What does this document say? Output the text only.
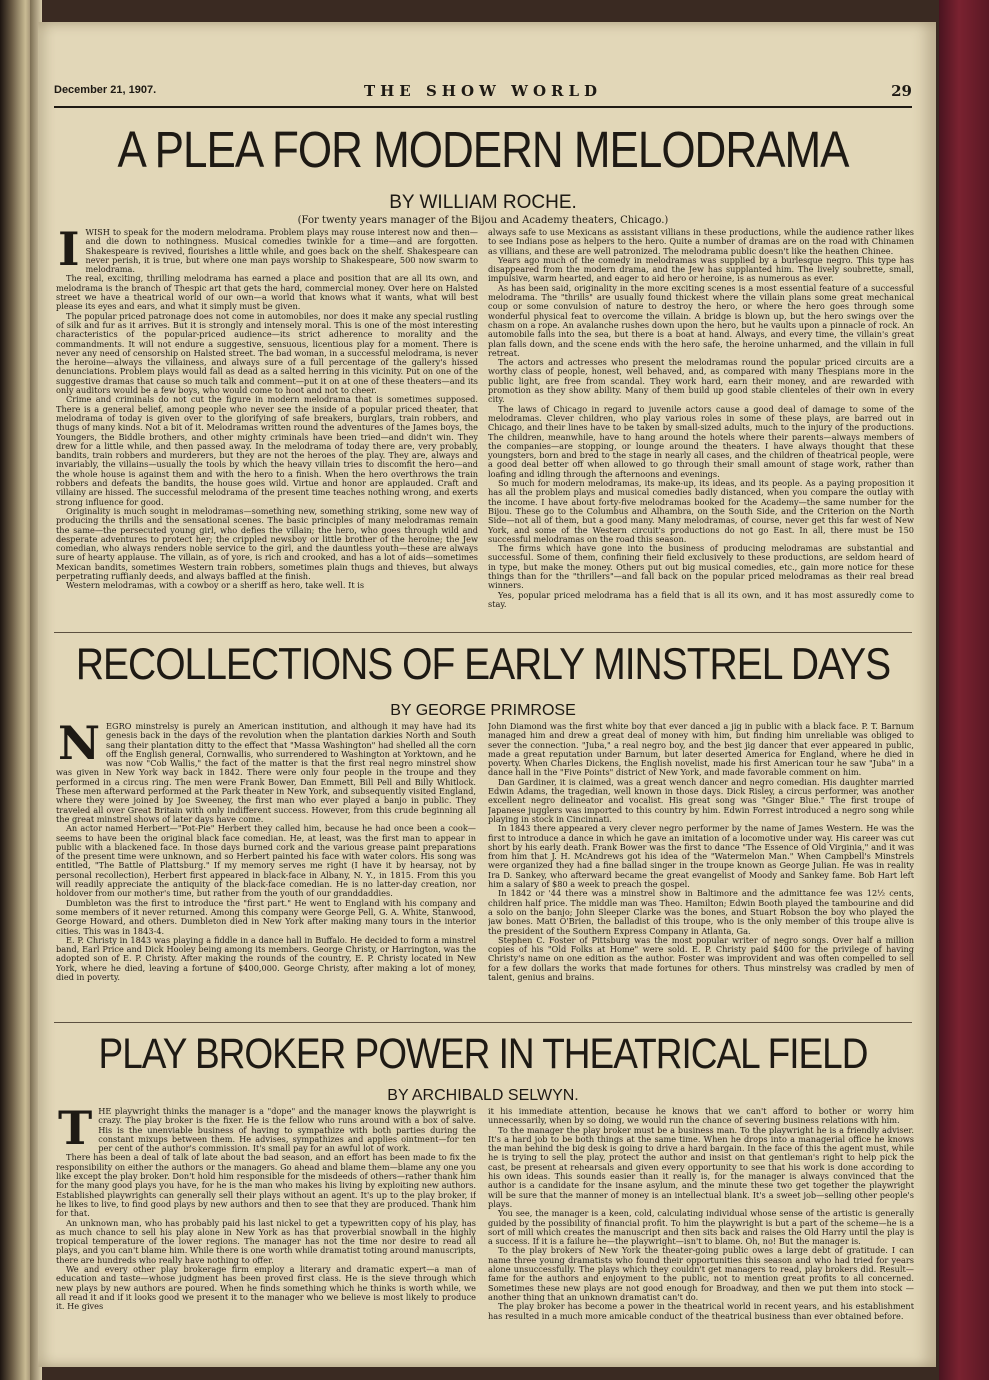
December 21, 1907.	THE SHOW WORLD	29
A PLEA FOR MODERN MELODRAMA
BY WILLIAM ROCHE.
(For twenty years manager of the Bijou and Academy theaters, Chicago.)
I WISH to speak for the modern melodrama. Problem plays may rouse interest now and then—and die down to nothingness. Musical comedies twinkle for a time—and are forgotten. Shakespeare is revived, flourishes a little while, and goes back on the shelf. Shakespeare can never perish, it is true, but where one man pays worship to Shakespeare, 500 now swarm to melodrama.

The real, exciting, thrilling melodrama has earned a place and position that are all its own, and melodrama is the branch of Thespic art that gets the hard, commercial money. Over here on Halsted street we have a theatrical world of our own—a world that knows what it wants, what will best please its eyes and ears, and what it simply must be given.

The popular priced patronage does not come in automobiles, nor does it make any special rustling of silk and fur as it arrives. But it is strongly and intensely moral. This is one of the most interesting characteristics of the popular-priced audience—its strict adherence to morality and the commandments. It will not endure a suggestive, sensuous, licentious play for a moment. There is never any need of censorship on Halsted street. The bad woman, in a successful melodrama, is never the heroine—always the villainess, and always sure of a full percentage of the gallery's hissed denunciations. Problem plays would fall as dead as a salted herring in this vicinity. Put on one of the suggestive dramas that cause so much talk and comment—put it on at one of these theaters—and its only auditors would be a few boys, who would come to hoot and not to cheer.

Crime and criminals do not cut the figure in modern melodrama that is sometimes supposed. There is a general belief, among people who never see the inside of a popular priced theater, that melodrama of today is given over to the glorifying of safe breakers, burglars, train robbers, and thugs of many kinds. Not a bit of it. Melodramas written round the adventures of the James boys, the Youngers, the Biddle brothers, and other mighty criminals have been tried—and didn't win. They drew for a little while, and then passed away. In the melodrama of today there are, very probably, bandits, train robbers and murderers, but they are not the heroes of the play. They are, always and invariably, the villains—usually the tools by which the heavy villain tries to discomfit the hero—and the whole house is against them and with the hero to a finish. When the hero overthrows the train robbers and defeats the bandits, the house goes wild. Virtue and honor are applauded. Craft and villainy are hissed. The successful melodrama of the present time teaches nothing wrong, and exerts strong influence for good.

Originality is much sought in melodramas—something new, something striking, some new way of producing the thrills and the sensational scenes. The basic principles of many melodramas remain the same—the persecuted young girl, who defies the villain; the hero, who goes through wild and desperate adventures to protect her; the crippled newsboy or little brother of the heroine; the Jew comedian, who always renders noble service to the girl, and the dauntless youth—these are always sure of hearty applause. The villain, as of yore, is rich and crooked, and has a lot of aids—sometimes Mexican bandits, sometimes Western train robbers, sometimes plain thugs and thieves, but always perpetrating ruffianly deeds, and always baffled at the finish.

Western melodramas, with a cowboy or a sheriff as hero, take well. It is

always safe to use Mexicans as assistant villians in these productions, while the audience rather likes to see Indians pose as helpers to the hero. Quite a number of dramas are on the road with Chinamen as villians, and these are well patronized. The melodrama public doesn't like the heathen Chinee.

Years ago much of the comedy in melodramas was supplied by a burlesque negro. This type has disappeared from the modern drama, and the Jew has supplanted him. The lively soubrette, small, impulsive, warm hearted, and eager to aid hero or heroine, is as numerous as ever.

As has been said, originality in the more exciting scenes is a most essential feature of a successful melodrama. The "thrills" are usually found thickest where the villain plans some great mechanical coup or some convulsion of nature to destroy the hero, or where the hero goes through some wonderful physical feat to overcome the villain. A bridge is blown up, but the hero swings over the chasm on a rope. An avalanche rushes down upon the hero, but he vaults upon a pinnacle of rock. An automobile falls into the sea, but there is a boat at hand. Always, and every time, the villain's great plan falls down, and the scene ends with the hero safe, the heroine unharmed, and the villain in full retreat.

The actors and actresses who present the melodramas round the popular priced circuits are a worthy class of people, honest, well behaved, and, as compared with many Thespians more in the public light, are free from scandal. They work hard, earn their money, and are rewarded with promotion as they show ability. Many of them build up good stable clienteles of their own in every city.

The laws of Chicago in regard to juvenile actors cause a good deal of damage to some of the melodramas. Clever children, who play various roles in some of these plays, are barred out in Chicago, and their lines have to be taken by small-sized adults, much to the injury of the productions. The children, meanwhile, have to hang around the hotels where their parents—always members of the companies—are stopping, or lounge around the theaters. I have always thought that these youngsters, born and bred to the stage in nearly all cases, and the children of theatrical people, were a good deal better off when allowed to go through their small amount of stage work, rather than loafing and idling through the afternoons and evenings.

So much for modern melodramas, its make-up, its ideas, and its people. As a paying proposition it has all the problem plays and musical comedies badly distanced, when you compare the outlay with the income. I have about forty-five melodramas booked for the Academy—the same number for the Bijou. These go to the Columbus and Alhambra, on the South Side, and the Criterion on the North Side—not all of them, but a good many. Many melodramas, of course, never get this far west of New York, and some of the Western circuit's productions do not go East. In all, there must be 150 successful melodramas on the road this season.

The firms which have gone into the business of producing melodramas are substantial and successful. Some of them, confining their field exclusively to these productions, are seldom heard of in type, but make the money. Others put out big musical comedies, etc., gain more notice for these things than for the "thrillers"—and fall back on the popular priced melodramas as their real bread winners.

Yes, popular priced melodrama has a field that is all its own, and it has most assuredly come to stay.

RECOLLECTIONS OF EARLY MINSTREL DAYS
BY GEORGE PRIMROSE
N EGRO minstrelsy is purely an American institution, and although it may have had its genesis back in the days of the revolution when the plantation darkies North and South sang their plantation ditty to the effect that "Massa Washington" had shelled all the corn off the English general, Cornwallis, who surrendered to Washington at Yorktown, and he was now "Cob Wallis," the fact of the matter is that the first real negro minstrel show was given in New York way back in 1842. There were only four people in the troupe and they performed in a circus ring. The men were Frank Bower, Dan Emmett, Bill Pell and Billy Whitlock. These men afterward performed at the Park theater in New York, and subsequently visited England, where they were joined by Joe Sweeney, the first man who ever played a banjo in public. They traveled all over Great Britain with only indifferent success. However, from this crude beginning all the great minstrel shows of later days have come.

An actor named Herbert—"Pot-Pie" Herbert they called him, because he had once been a cook—seems to have been the original black face comedian. He, at least, was the first man to appear in public with a blackened face. In those days burned cork and the various grease paint preparations of the present time were unknown, and so Herbert painted his face with water colors. His song was entitled, "The Battle of Plattsburg." If my memory serves me right (I have it by hearsay, not by personal recollection), Herbert first appeared in black-face in Albany, N. Y., in 1815. From this you will readily appreciate the antiquity of the black-face comedian. He is no latter-day creation, nor holdover from our mother's time, but rather from the youth of our granddaddies.

Dumbleton was the first to introduce the "first part." He went to England with his company and some members of it never returned. Among this company were George Pell, G. A. White, Stanwood, George Howard, and others. Dumbleton died in New York after making many tours in the interior cities. This was in 1843-4.

E. P. Christy in 1843 was playing a fiddle in a dance hall in Buffalo. He decided to form a minstrel band, Earl Price and Dick Hooley being among its members. George Christy, or Harrington, was the adopted son of E. P. Christy. After making the rounds of the country, E. P. Christy located in New York, where he died, leaving a fortune of $400,000. George Christy, after making a lot of money, died in poverty.

John Diamond was the first white boy that ever danced a jig in public with a black face. P. T. Barnum managed him and drew a great deal of money with him, but finding him unreliable was obliged to sever the connection. "Juba," a real negro boy, and the best jig dancer that ever appeared in public, made a great reputation under Barnum, but later deserted America for England, where he died in poverty. When Charles Dickens, the English novelist, made his first American tour he saw "Juba" in a dance hall in the "Five Points" district of New York, and made favorable comment on him.

Dan Gardiner, it is claimed, was a great wench dancer and negro comedian. His daughter married Edwin Adams, the tragedian, well known in those days. Dick Risley, a circus performer, was another excellent negro delineator and vocalist. His great song was "Ginger Blue." The first troupe of Japanese jugglers was imported to this country by him. Edwin Forrest introduced a negro song while playing in stock in Cincinnati.

In 1843 there appeared a very clever negro performer by the name of James Western. He was the first to introduce a dance in which he gave an imitation of a locomotive under way. His career was cut short by his early death. Frank Bower was the first to dance "The Essence of Old Virginia," and it was from him that J. H. McAndrews got his idea of the "Watermelon Man." When Campbell's Minstrels were organized they had a fine ballad singer in the troupe known as George Julian. He was in reality Ira D. Sankey, who afterward became the great evangelist of Moody and Sankey fame. Bob Hart left him a salary of $80 a week to preach the gospel.

In 1842 or '44 there was a minstrel show in Baltimore and the admittance fee was 12½ cents, children half price. The middle man was Theo. Hamilton; Edwin Booth played the tambourine and did a solo on the banjo; John Sleeper Clarke was the bones, and Stuart Robson the boy who played the jaw bones. Matt O'Brien, the balladist of this troupe, who is the only member of this troupe alive is the president of the Southern Express Company in Atlanta, Ga.

Stephen C. Foster of Pittsburg was the most popular writer of negro songs. Over half a million copies of his "Old Folks at Home" were sold. E. P. Christy paid $400 for the privilege of having Christy's name on one edition as the author. Foster was improvident and was often compelled to sell for a few dollars the works that made fortunes for others. Thus minstrelsy was cradled by men of talent, genius and brains.

PLAY BROKER POWER IN THEATRICAL FIELD
BY ARCHIBALD SELWYN.
T HE playwright thinks the manager is a "dope" and the manager knows the playwright is crazy. The play broker is the fixer. He is the fellow who runs around with a box of salve. His is the unenviable business of having to sympathize with both parties during the constant mixups between them. He advises, sympathizes and applies ointment—for ten per cent of the author's commission. It's small pay for an awful lot of work.

There has been a deal of talk of late about the bad season, and an effort has been made to fix the responsibility on either the authors or the managers. Go ahead and blame them—blame any one you like except the play broker. Don't hold him responsible for the misdeeds of others—rather thank him for the many good plays you have, for he is the man who makes his living by exploiting new authors. Established playwrights can generally sell their plays without an agent. It's up to the play broker, if he likes to live, to find good plays by new authors and then to see that they are produced. Thank him for that.

An unknown man, who has probably paid his last nickel to get a typewritten copy of his play, has as much chance to sell his play alone in New York as has that proverbial snowball in the highly tropical temperature of the lower regions. The manager has not the time nor desire to read all plays, and you can't blame him. While there is one worth while dramatist toting around manuscripts, there are hundreds who really have nothing to offer.

We and every other play brokerage firm employ a literary and dramatic expert—a man of education and taste—whose judgment has been proved first class. He is the sieve through which new plays by new authors are poured. When he finds something which he thinks is worth while, we all read it and if it looks good we present it to the manager who we believe is most likely to produce it. He gives

it his immediate attention, because he knows that we can't afford to bother or worry him unnecessarily, when by so doing, we would run the chance of severing business relations with him.

To the manager the play broker must be a business man. To the playwright he is a friendly adviser. It's a hard job to be both things at the same time. When he drops into a managerial office he knows the man behind the big desk is going to drive a hard bargain. In the face of this the agent must, while he is trying to sell the play, protect the author and insist on that gentleman's right to help pick the cast, be present at rehearsals and given every opportunity to see that his work is done according to his own ideas. This sounds easier than it really is, for the manager is always convinced that the author is a candidate for the insane asylum, and the minute these two get together the playwright will be sure that the manner of money is an intellectual blank. It's a sweet job—selling other people's plays.

You see, the manager is a keen, cold, calculating individual whose sense of the artistic is generally guided by the possibility of financial profit. To him the playwright is but a part of the scheme—he is a sort of mill which creates the manuscript and then sits back and raises the Old Harry until the play is a success. If it is a failure he—the playwright—isn't to blame. Oh, no! But the manager is.

To the play brokers of New York the theater-going public owes a large debt of gratitude. I can name three young dramatists who found their opportunities this season and who had tried for years alone unsuccessfully. The plays which they couldn't get managers to read, play brokers did. Result—fame for the authors and enjoyment to the public, not to mention great profits to all concerned. Sometimes these new plays are not good enough for Broadway, and then we put them into stock —another thing that an unknown dramatist can't do.

The play broker has become a power in the theatrical world in recent years, and his establishment has resulted in a much more amicable conduct of the theatrical business than ever obtained before.
